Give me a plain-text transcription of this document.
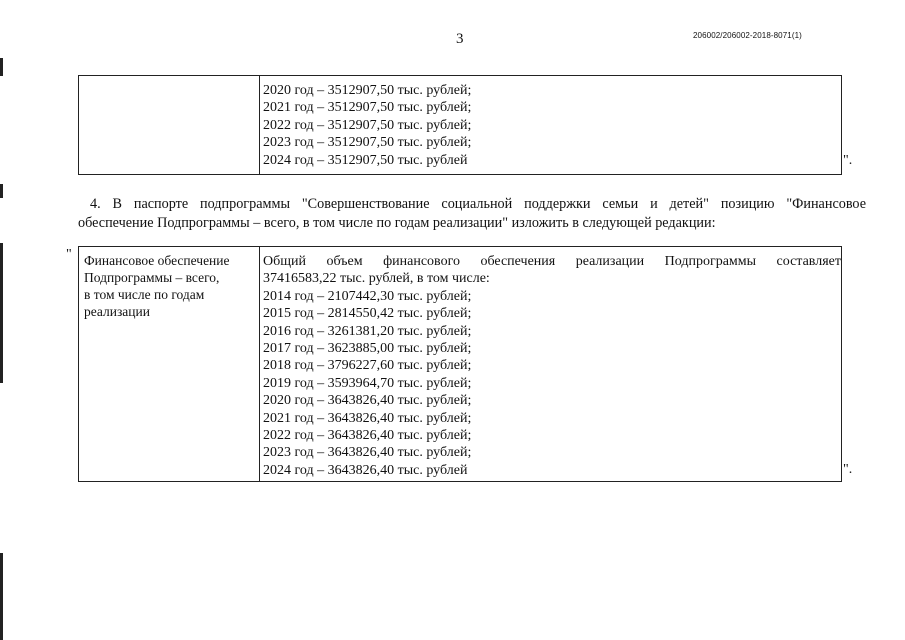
3	206002/206002-2018-8071(1)
2020 год – 3512907,50 тыс. рублей;
2021 год – 3512907,50 тыс. рублей;
2022 год – 3512907,50 тыс. рублей;
2023 год – 3512907,50 тыс. рублей;
2024 год – 3512907,50 тыс. рублей	".
4. В паспорте подпрограммы "Совершенствование социальной поддержки семьи и детей" позицию "Финансовое
обеспечение Подпрограммы – всего, в том числе по годам реализации" изложить в следующей редакции:
" Финансовое обеспечение
Подпрограммы – всего,
в том числе по годам
реализации
Общий объем финансового обеспечения реализации Подпрограммы составляет
37416583,22 тыс. рублей, в том числе:
2014 год – 2107442,30 тыс. рублей;
2015 год – 2814550,42 тыс. рублей;
2016 год – 3261381,20 тыс. рублей;
2017 год – 3623885,00 тыс. рублей;
2018 год – 3796227,60 тыс. рублей;
2019 год – 3593964,70 тыс. рублей;
2020 год – 3643826,40 тыс. рублей;
2021 год – 3643826,40 тыс. рублей;
2022 год – 3643826,40 тыс. рублей;
2023 год – 3643826,40 тыс. рублей;
2024 год – 3643826,40 тыс. рублей	".
